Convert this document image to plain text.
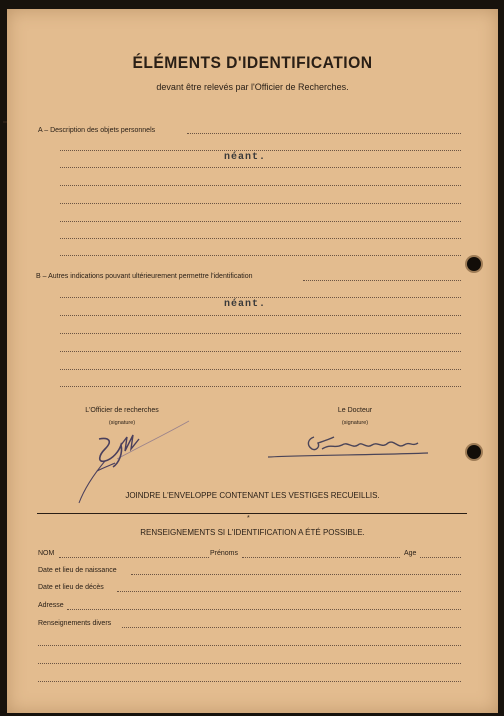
ÉLÉMENTS D'IDENTIFICATION
devant être relevés par l'Officier de Recherches.
A – Description des objets personnels
néant.
B – Autres indications pouvant ultérieurement permettre l'identification
néant.
L'Officier de recherches
(signature)
Le Docteur
(signature)
JOINDRE L'ENVELOPPE CONTENANT LES VESTIGES RECUEILLIS.
*
RENSEIGNEMENTS SI L'IDENTIFICATION A ÉTÉ POSSIBLE.
NOM	Prénoms	Age
Date et lieu de naissance
Date et lieu de décès
Adresse
Renseignements divers
